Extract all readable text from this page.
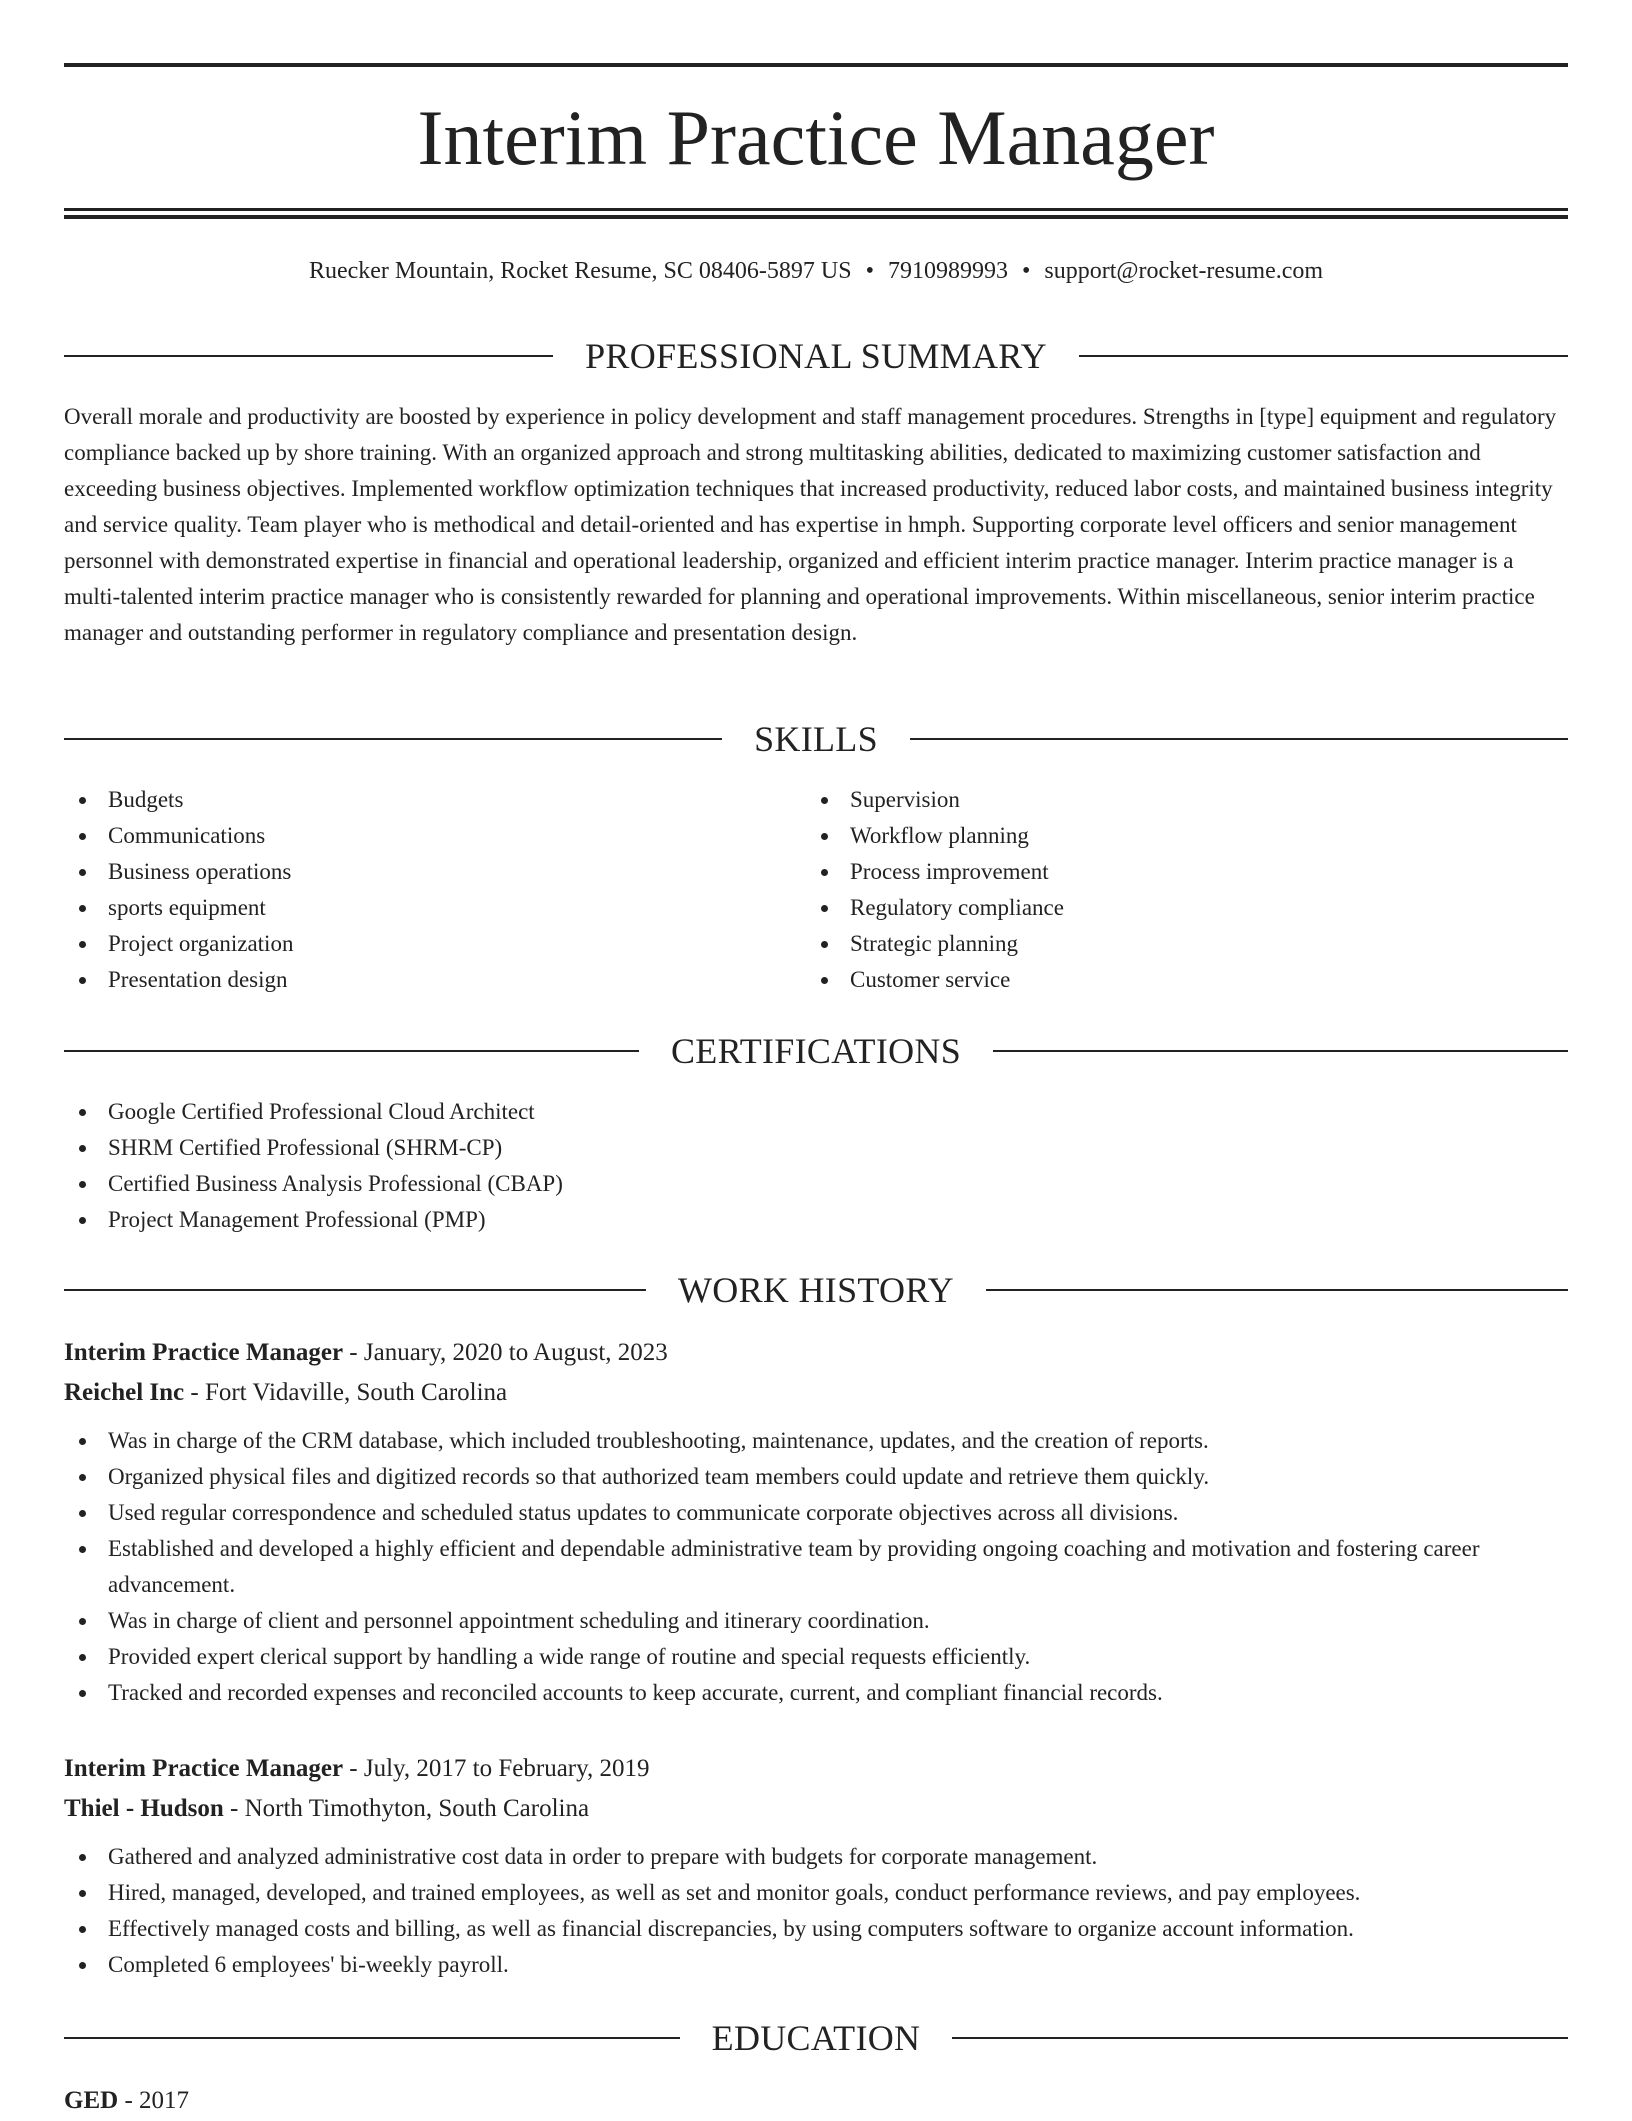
Interim Practice Manager
Ruecker Mountain, Rocket Resume, SC 08406-5897 US • 7910989993 • support@rocket-resume.com
PROFESSIONAL SUMMARY

Overall morale and productivity are boosted by experience in policy development and staff management procedures. Strengths in [type] equipment and regulatory compliance backed up by shore training. With an organized approach and strong multitasking abilities, dedicated to maximizing customer satisfaction and exceeding business objectives. Implemented workflow optimization techniques that increased productivity, reduced labor costs, and maintained business integrity and service quality. Team player who is methodical and detail-oriented and has expertise in hmph. Supporting corporate level officers and senior management personnel with demonstrated expertise in financial and operational leadership, organized and efficient interim practice manager. Interim practice manager is a multi-talented interim practice manager who is consistently rewarded for planning and operational improvements. Within miscellaneous, senior interim practice manager and outstanding performer in regulatory compliance and presentation design.

SKILLS
Budgets
Communications
Business operations
sports equipment
Project organization
Presentation design
Supervision
Workflow planning
Process improvement
Regulatory compliance
Strategic planning
Customer service
CERTIFICATIONS
Google Certified Professional Cloud Architect
SHRM Certified Professional (SHRM-CP)
Certified Business Analysis Professional (CBAP)
Project Management Professional (PMP)
WORK HISTORY
Interim Practice Manager - January, 2020 to August, 2023
Reichel Inc - Fort Vidaville, South Carolina
Was in charge of the CRM database, which included troubleshooting, maintenance, updates, and the creation of reports.
Organized physical files and digitized records so that authorized team members could update and retrieve them quickly.
Used regular correspondence and scheduled status updates to communicate corporate objectives across all divisions.
Established and developed a highly efficient and dependable administrative team by providing ongoing coaching and motivation and fostering career advancement.
Was in charge of client and personnel appointment scheduling and itinerary coordination.
Provided expert clerical support by handling a wide range of routine and special requests efficiently.
Tracked and recorded expenses and reconciled accounts to keep accurate, current, and compliant financial records.
Interim Practice Manager - July, 2017 to February, 2019
Thiel - Hudson - North Timothyton, South Carolina
Gathered and analyzed administrative cost data in order to prepare with budgets for corporate management.
Hired, managed, developed, and trained employees, as well as set and monitor goals, conduct performance reviews, and pay employees.
Effectively managed costs and billing, as well as financial discrepancies, by using computers software to organize account information.
Completed 6 employees' bi-weekly payroll.
EDUCATION
GED - 2017
